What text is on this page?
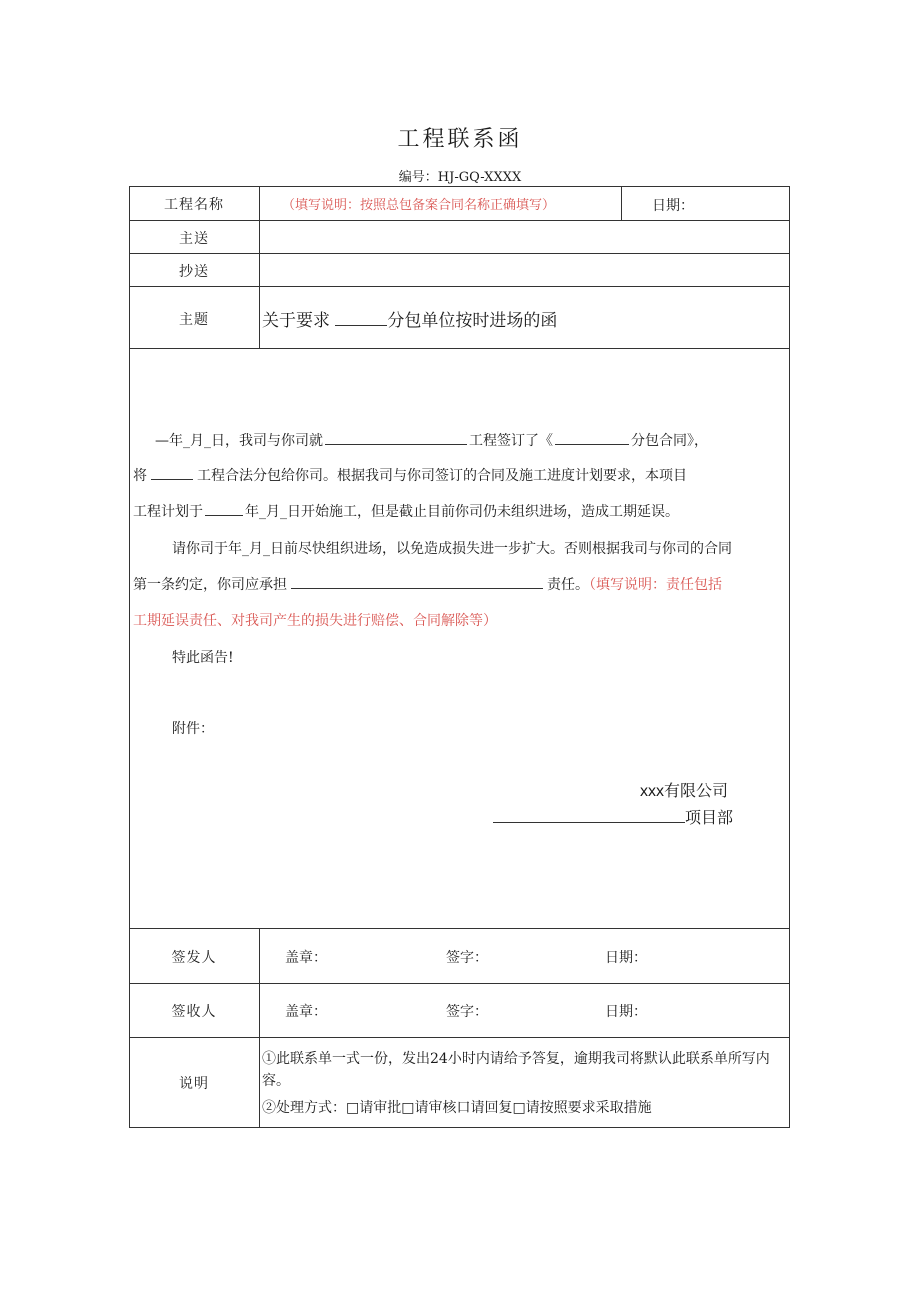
工程联系函
编号：HJ-GQ-XXXX
工程名称	（填写说明：按照总包备案合同名称正确填写）	日期：
主送
抄送
主题	关于要求	分包单位按时进场的函
—年_月_日，我司与你司就	工程签订了《	分包合同》，
将	工程合法分包给你司。根据我司与你司签订的合同及施工进度计划要求，本项目
工程计划于	年_月_日开始施工，但是截止目前你司仍未组织进场，造成工期延误。
请你司于年_月_日前尽快组织进场，以免造成损失进一步扩大。否则根据我司与你司的合同
第一条约定，你司应承担	责任。（填写说明：责任包括
工期延误责任、对我司产生的损失进行赔偿、合同解除等）
特此函告!
附件：
xxx有限公司
项目部
签发人	盖章：	签字：	日期：
签收人	盖章：	签字：	日期：
说明
①此联系单一式一份，发出24小时内请给予答复，逾期我司将默认此联系单所写内容。
②处理方式：□请审批□请审核口请回复□请按照要求采取措施
